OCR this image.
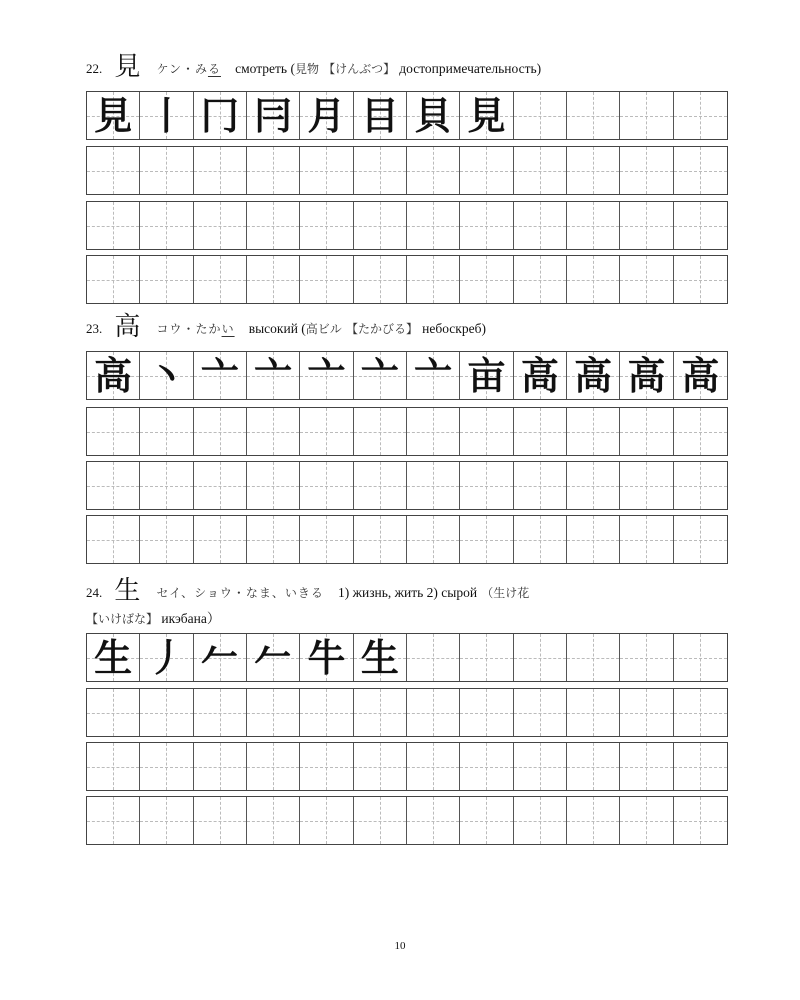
22. 見 ケン・みる смотреть (見物 【けんぶつ】 достопримечательность)
見 丨 冂 冃 月 目 貝 見
23. 高 コウ・たかい высокий (高ビル 【たかびる】 небоскреб)
高 丶 亠 亠 亠 亠 亠 亩 高 高 高 高
24. 生 セイ、ショウ・なま、いきる 1) жизнь, жить 2) сырой （生け花
【いけばな】 икэбана）
生 丿 𠂉 𠂉 牛 生
10
